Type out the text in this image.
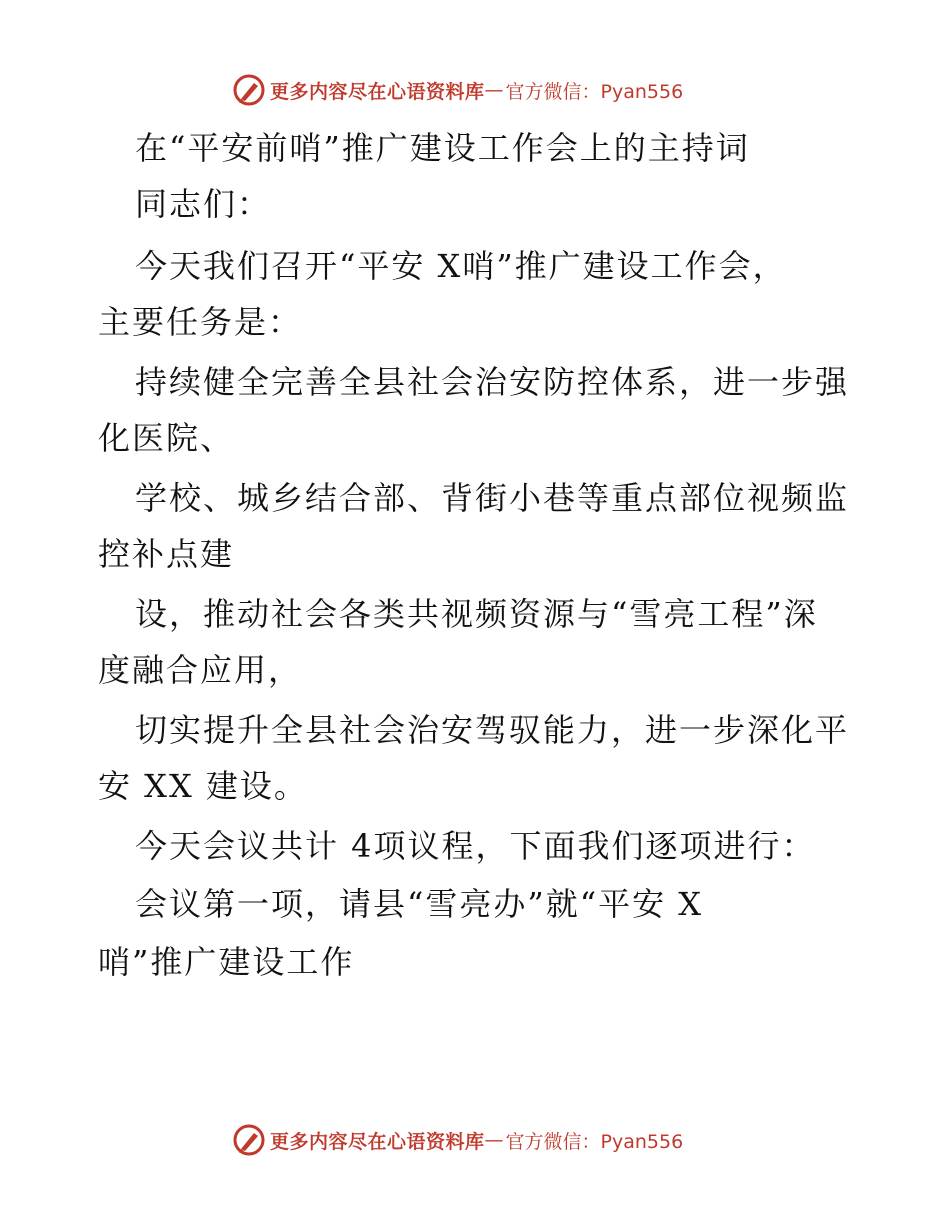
更多内容尽在心语资料库 — 官方微信：Pyan556
在“平安前哨”推广建设工作会上的主持词
同志们：
今天我们召开“平安 X哨”推广建设工作会，
主要任务是：
持续健全完善全县社会治安防控体系，进一步强
化医院、
学校、城乡结合部、背街小巷等重点部位视频监
控补点建
设，推动社会各类共视频资源与“雪亮工程”深
度融合应用，
切实提升全县社会治安驾驭能力，进一步深化平
安 XX 建设。
今天会议共计 4项议程，下面我们逐项进行：
会议第一项，请县“雪亮办”就“平安 X
哨”推广建设工作
更多内容尽在心语资料库 — 官方微信：Pyan556
